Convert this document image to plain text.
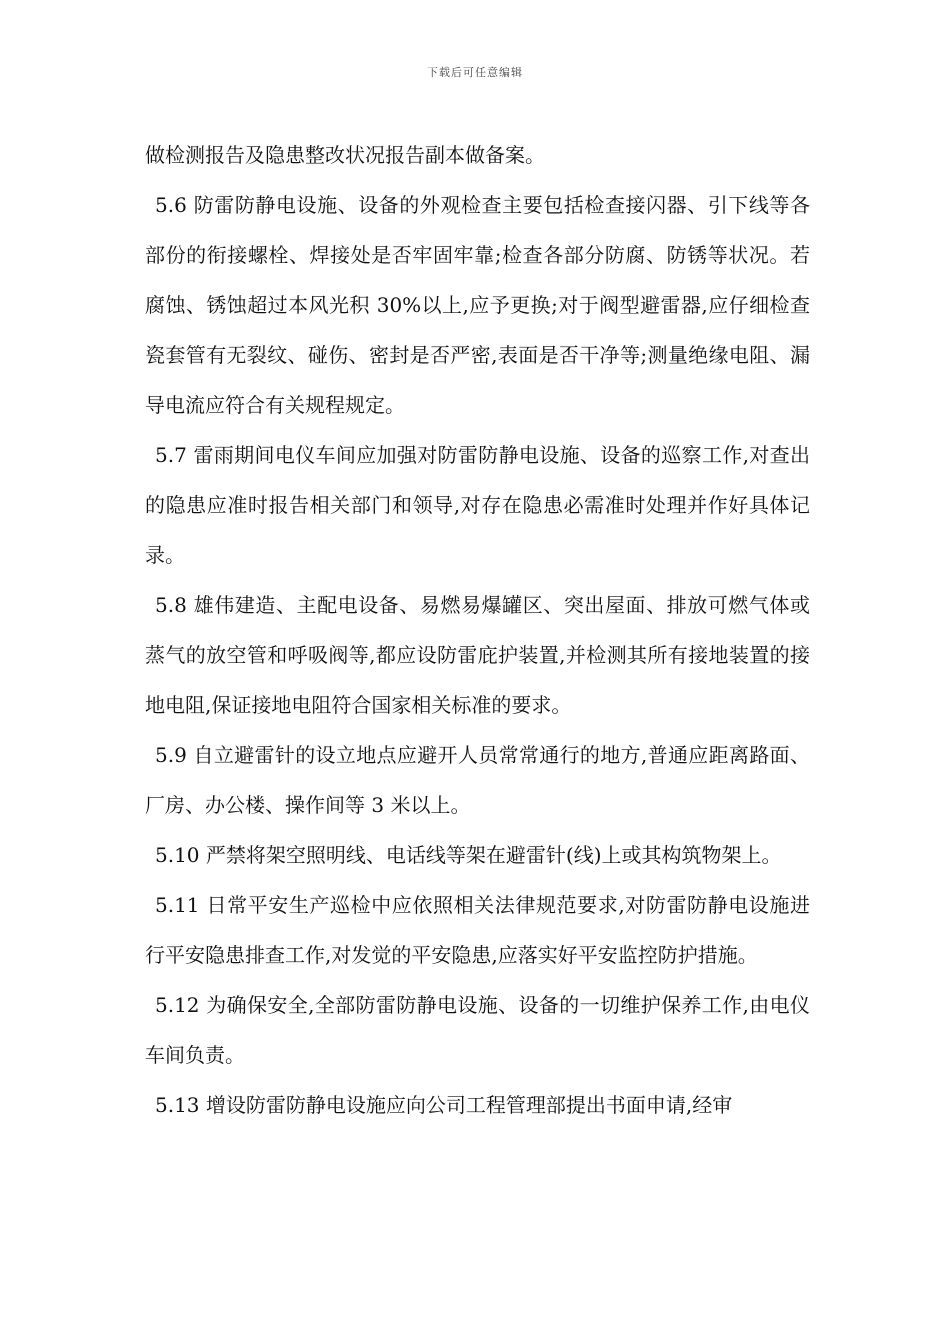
下载后可任意编辑

做检测报告及隐患整改状况报告副本做备案。

5.6 防雷防静电设施、设备的外观检查主要包括检查接闪器、引下线等各部份的衔接螺栓、焊接处是否牢固牢靠;检查各部分防腐、防锈等状况。若腐蚀、锈蚀超过本风光积 30%以上,应予更换;对于阀型避雷器,应仔细检查瓷套管有无裂纹、碰伤、密封是否严密,表面是否干净等;测量绝缘电阻、漏导电流应符合有关规程规定。

5.7 雷雨期间电仪车间应加强对防雷防静电设施、设备的巡察工作,对查出的隐患应准时报告相关部门和领导,对存在隐患必需准时处理并作好具体记录。

5.8 雄伟建造、主配电设备、易燃易爆罐区、突出屋面、排放可燃气体或蒸气的放空管和呼吸阀等,都应设防雷庇护装置,并检测其所有接地装置的接地电阻,保证接地电阻符合国家相关标准的要求。

5.9 自立避雷针的设立地点应避开人员常常通行的地方,普通应距离路面、厂房、办公楼、操作间等 3 米以上。

5.10 严禁将架空照明线、电话线等架在避雷针(线)上或其构筑物架上。

5.11 日常平安生产巡检中应依照相关法律规范要求,对防雷防静电设施进行平安隐患排查工作,对发觉的平安隐患,应落实好平安监控防护措施。

5.12 为确保安全,全部防雷防静电设施、设备的一切维护保养工作,由电仪车间负责。

5.13 增设防雷防静电设施应向公司工程管理部提出书面申请,经审
